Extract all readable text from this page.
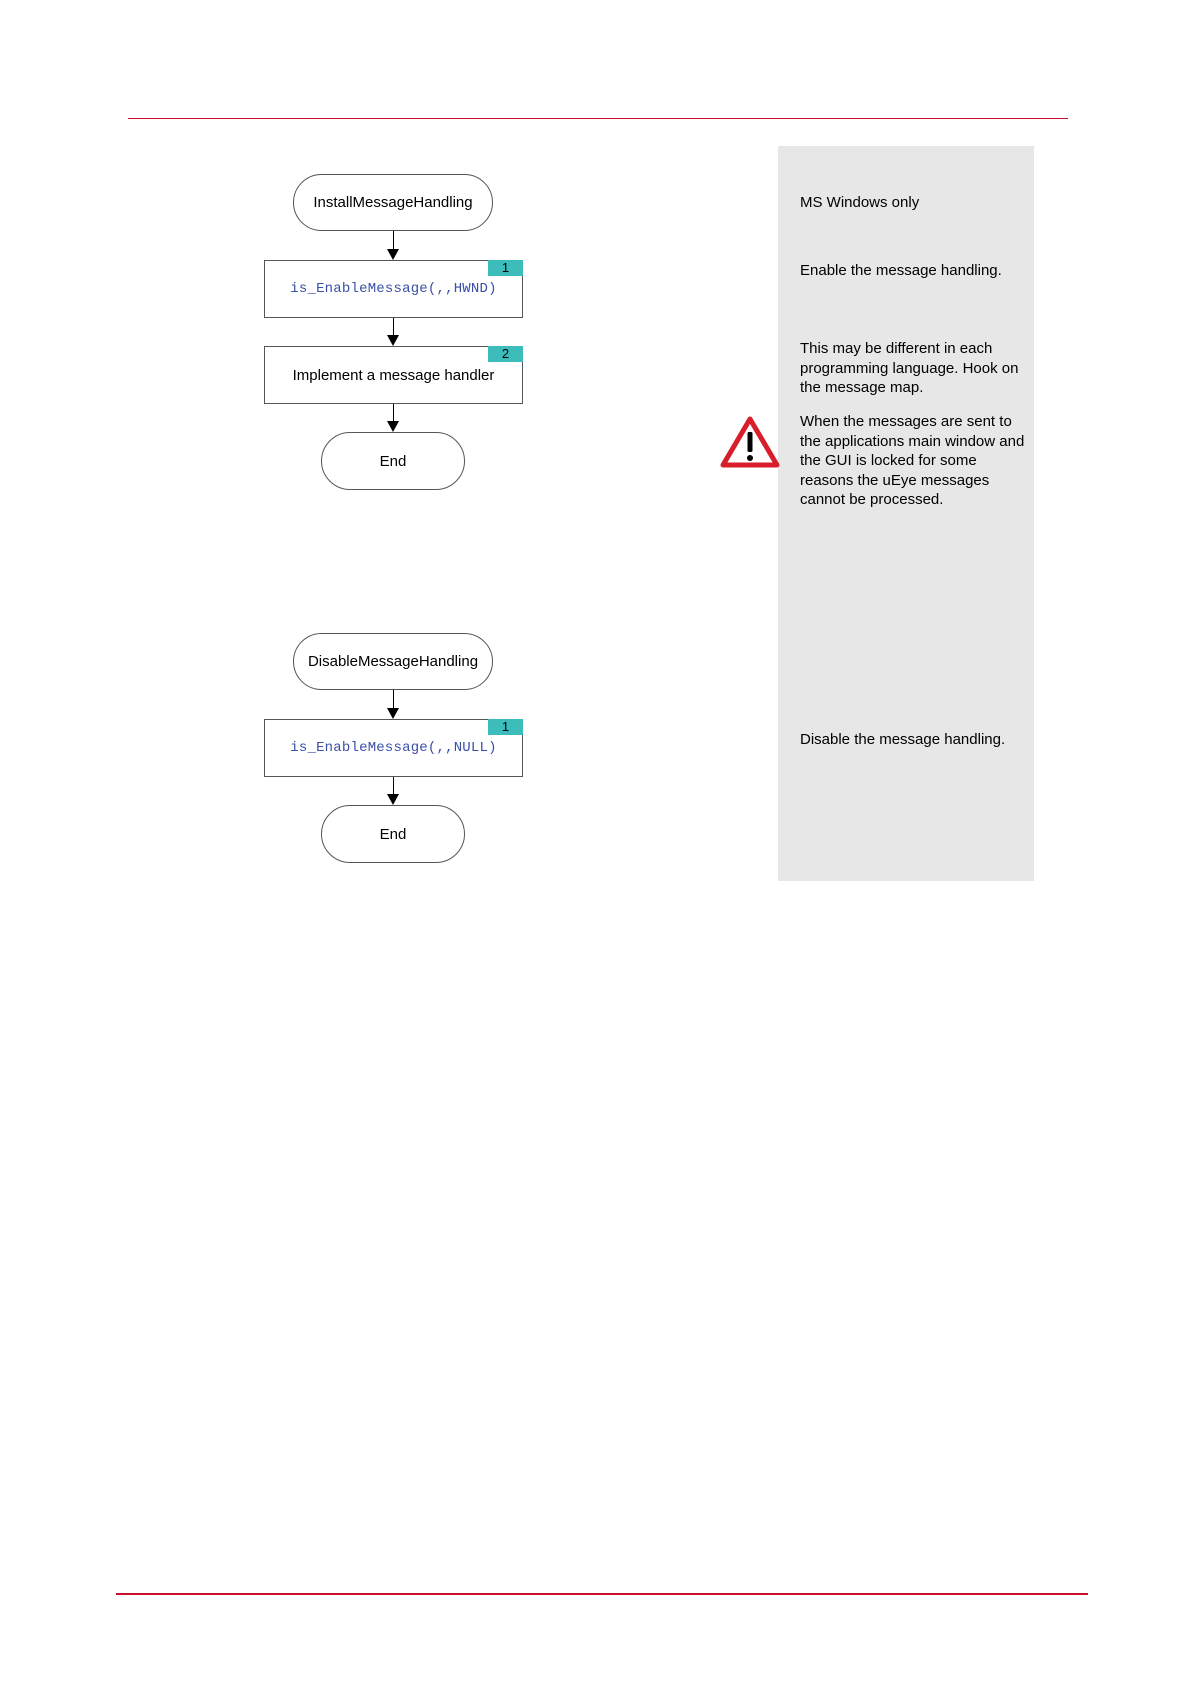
MS Windows only
Enable the message handling.
This may be different in each programming language. Hook on the message map.
When the messages are sent to the applications main window and the GUI is locked for some reasons the uEye messages cannot be processed.
Disable the message handling.
InstallMessageHandling
is_EnableMessage(,,HWND)
1
Implement a message handler
2
End
DisableMessageHandling
is_EnableMessage(,,NULL)
1
End
